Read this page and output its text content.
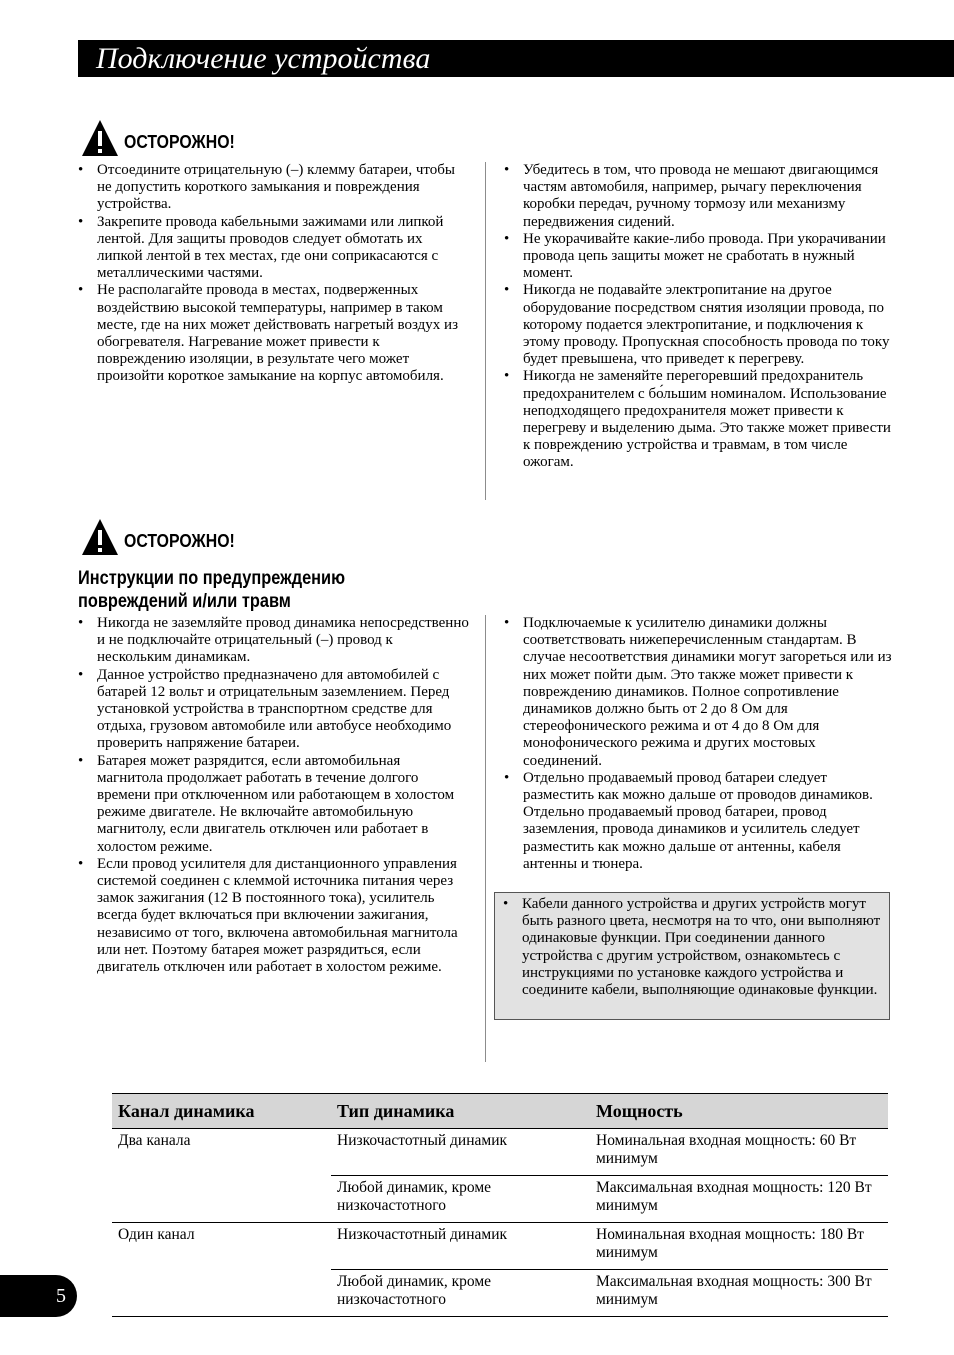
Подключение устройства
ОСТОРОЖНО!
• Отсоедините отрицательную (–) клемму батареи, чтобы не допустить короткого замыкания и повреждения устройства.
• Закрепите провода кабельными зажимами или липкой лентой. Для защиты проводов следует обмотать их липкой лентой в тех местах, где они соприкасаются с металлическими частями.
• Не располагайте провода в местах, подверженных воздействию высокой температуры, например в таком месте, где на них может действовать нагретый воздух из обогревателя. Нагревание может привести к повреждению изоляции, в результате чего может произойти короткое замыкание на корпус автомобиля.
• Убедитесь в том, что провода не мешают двигающимся частям автомобиля, например, рычагу переключения коробки передач, ручному тормозу или механизму передвижения сидений.
• Не укорачивайте какие-либо провода. При укорачивании провода цепь защиты может не сработать в нужный момент.
• Никогда не подавайте электропитание на другое оборудование посредством снятия изоляции провода, по которому подается электропитание, и подключения к этому проводу. Пропускная способность провода по току будет превышена, что приведет к перегреву.
• Никогда не заменяйте перегоревший предохранитель предохранителем с бо́льшим номиналом. Использование неподходящего предохранителя может привести к перегреву и выделению дыма. Это также может привести к повреждению устройства и травмам, в том числе ожогам.
ОСТОРОЖНО!
Инструкции по предупреждению повреждений и/или травм
• Никогда не заземляйте провод динамика непосредственно и не подключайте отрицательный (–) провод к нескольким динамикам.
• Данное устройство предназначено для автомобилей с батарей 12 вольт и отрицательным заземлением. Перед установкой устройства в транспортном средстве для отдыха, грузовом автомобиле или автобусе необходимо проверить напряжение батареи.
• Батарея может разрядится, если автомобильная магнитола продолжает работать в течение долгого времени при отключенном или работающем в холостом режиме двигателе. Не включайте автомобильную магнитолу, если двигатель отключен или работает в холостом режиме.
• Если провод усилителя для дистанционного управления системой соединен с клеммой источника питания через замок зажигания (12 В постоянного тока), усилитель всегда будет включаться при включении зажигания, независимо от того, включена автомобильная магнитола или нет. Поэтому батарея может разрядиться, если двигатель отключен или работает в холостом режиме.
• Подключаемые к усилителю динамики должны соответствовать нижеперечисленным стандартам. В случае несоответствия динамики могут загореться или из них может пойти дым. Это также может привести к повреждению динамиков. Полное сопротивление динамиков должно быть от 2 до 8 Ом для стереофонического режима и от 4 до 8 Ом для монофонического режима и других мостовых соединений.
• Отдельно продаваемый провод батареи следует разместить как можно дальше от проводов динамиков. Отдельно продаваемый провод батареи, провод заземления, провода динамиков и усилитель следует разместить как можно дальше от антенны, кабеля антенны и тюнера.
• Кабели данного устройства и других устройств могут быть разного цвета, несмотря на то что, они выполняют одинаковые функции. При соединении данного устройства с другим устройством, ознакомьтесь с инструкциями по установке каждого устройства и соедините кабели, выполняющие одинаковые функции.
Канал динамика	Тип динамика	Мощность
Два канала	Низкочастотный динамик	Номинальная входная мощность: 60 Вт минимум
	Любой динамик, кроме низкочастотного	Максимальная входная мощность: 120 Вт минимум
Один канал	Низкочастотный динамик	Номинальная входная мощность: 180 Вт минимум
	Любой динамик, кроме низкочастотного	Максимальная входная мощность: 300 Вт минимум
5
